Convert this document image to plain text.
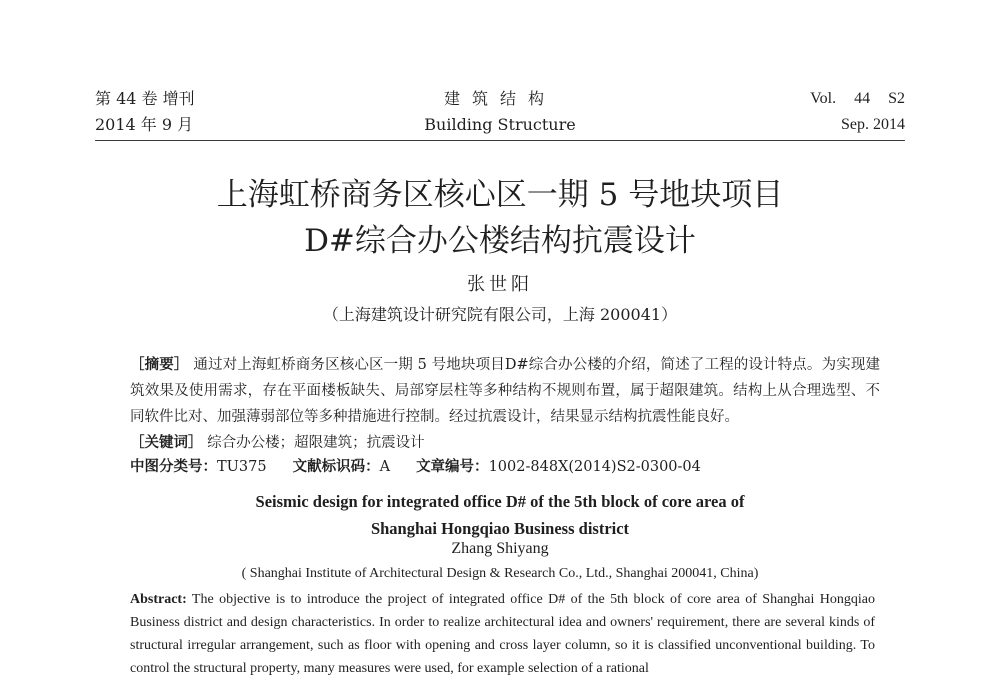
第 44 卷 增刊
2014 年 9 月
建筑结构
Building Structure
Vol. 44 S2
Sep. 2014
上海虹桥商务区核心区一期 5 号地块项目
D#综合办公楼结构抗震设计
张世阳
（上海建筑设计研究院有限公司，上海 200041）
［摘要］ 通过对上海虹桥商务区核心区一期 5 号地块项目D#综合办公楼的介绍，简述了工程的设计特点。为实现建筑效果及使用需求，存在平面楼板缺失、局部穿层柱等多种结构不规则布置，属于超限建筑。结构上从合理选型、不同软件比对、加强薄弱部位等多种措施进行控制。经过抗震设计，结果显示结构抗震性能良好。
［关键词］ 综合办公楼；超限建筑；抗震设计
中图分类号：TU375 文献标识码：A 文章编号：1002-848X(2014)S2-0300-04
Seismic design for integrated office D# of the 5th block of core area of
Shanghai Hongqiao Business district
Zhang Shiyang
( Shanghai Institute of Architectural Design & Research Co., Ltd., Shanghai 200041, China)
Abstract: The objective is to introduce the project of integrated office D# of the 5th block of core area of Shanghai Hongqiao Business district and design characteristics. In order to realize architectural idea and owners' requirement, there are several kinds of structural irregular arrangement, such as floor with opening and cross layer column, so it is classified unconventional building. To control the structural property, many measures were used, for example selection of a rational
